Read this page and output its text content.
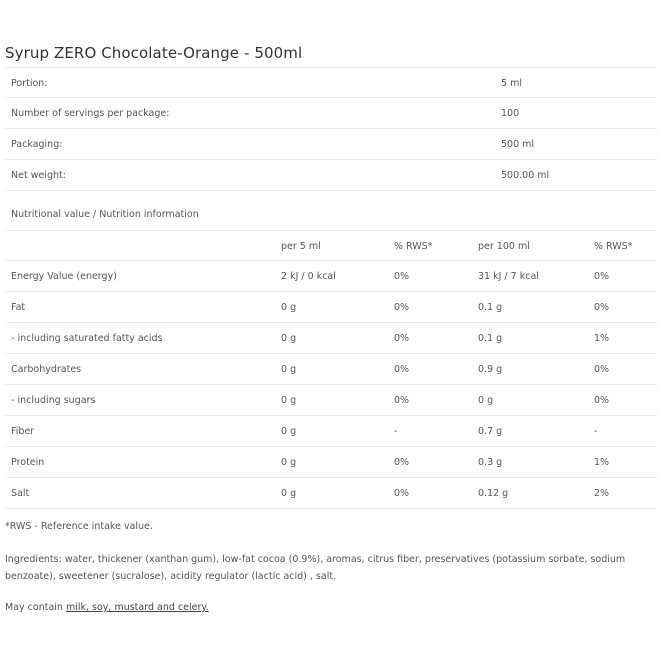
Syrup ZERO Chocolate-Orange - 500ml
Portion:	5 ml
Number of servings per package:	100
Packaging:	500 ml
Net weight:	500.00 ml
Nutritional value / Nutrition information
per 5 ml	% RWS*	per 100 ml	% RWS*
Energy Value (energy)	2 kJ / 0 kcal	0%	31 kJ / 7 kcal	0%
Fat	0 g	0%	0.1 g	0%
- including saturated fatty acids	0 g	0%	0.1 g	1%
Carbohydrates	0 g	0%	0.9 g	0%
- including sugars	0 g	0%	0 g	0%
Fiber	0 g	-	0.7 g	-
Protein	0 g	0%	0.3 g	1%
Salt	0 g	0%	0.12 g	2%
*RWS - Reference intake value.
Ingredients: water, thickener (xanthan gum), low-fat cocoa (0.9%), aromas, citrus fiber, preservatives (potassium sorbate, sodium benzoate), sweetener (sucralose), acidity regulator (lactic acid) , salt.
May contain milk, soy, mustard and celery.
